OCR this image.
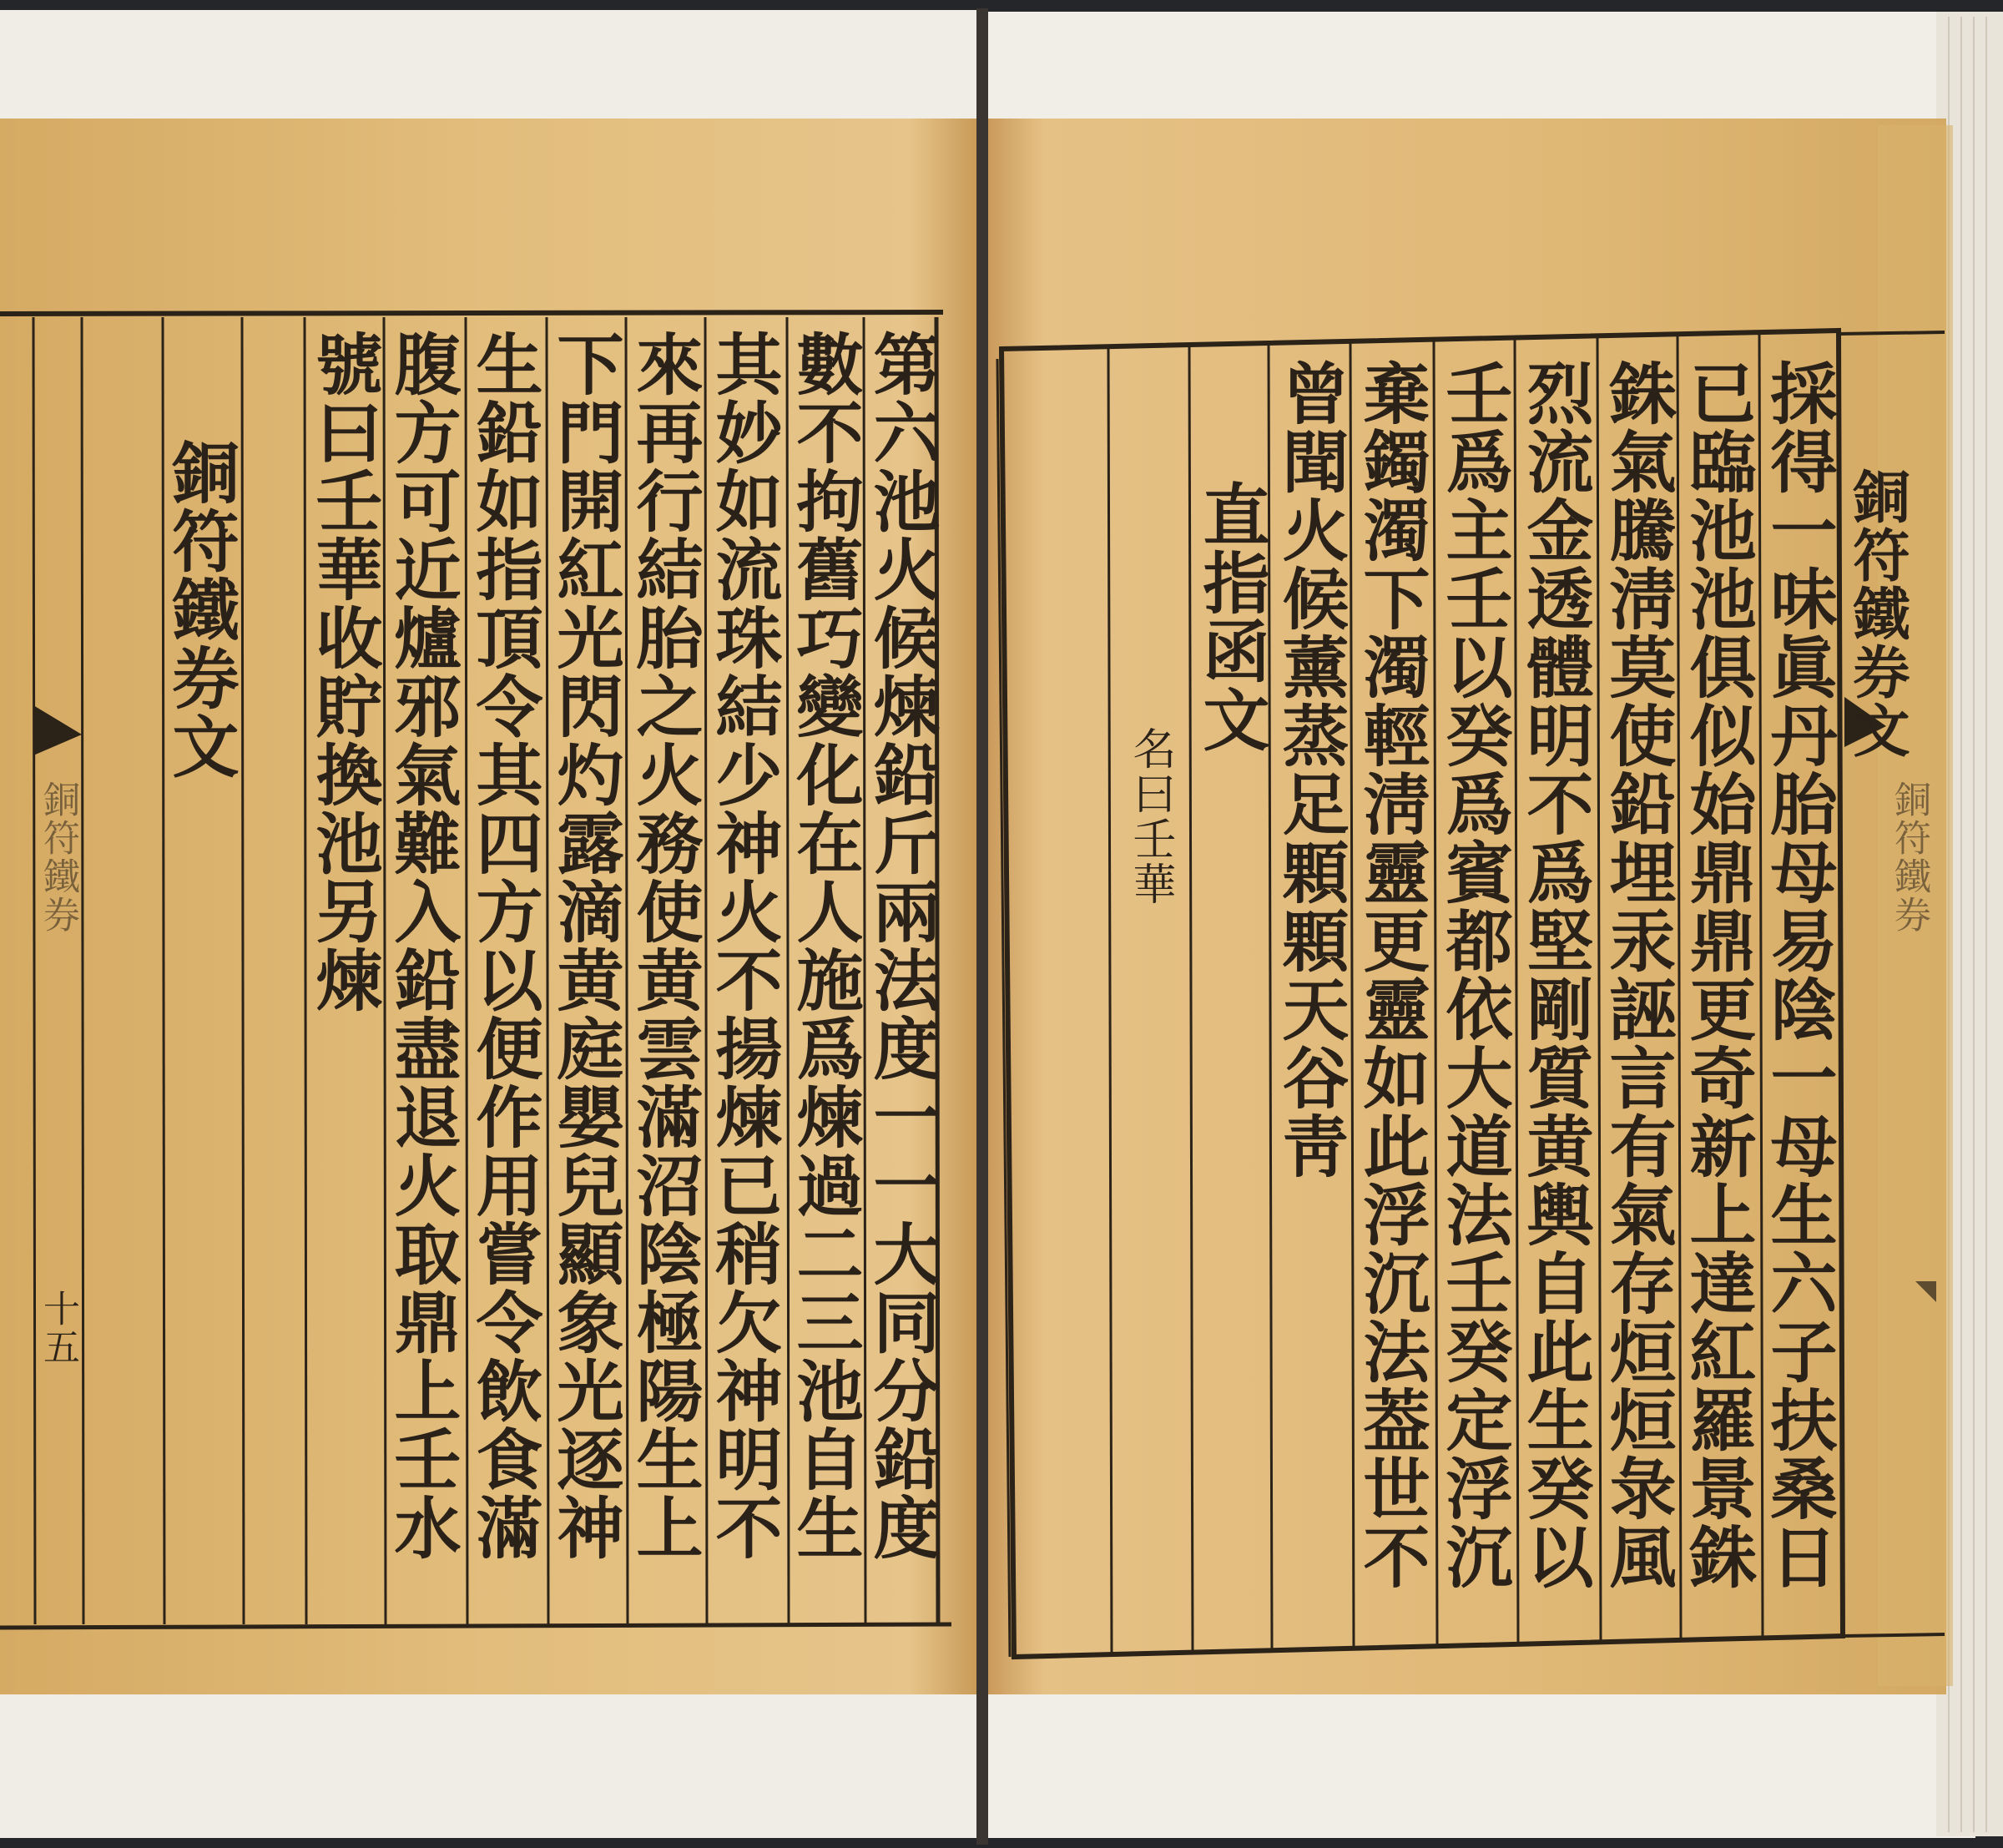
第六池火候煉鉛斤兩法度一一大同分鉛度
數不拘舊巧變化在人施爲煉過二三池自生
其妙如流珠結少神火不揚煉已稍欠神明不
來再行結胎之火務使黄雲滿沼陰極陽生上
下門開紅光閃灼露滴黄庭嬰兒顯象光逐神
生鉛如指頂令其四方以便作用嘗令飲食滿
腹方可近爐邪氣難入鉛盡退火取鼎上壬水
號曰壬華收貯換池另煉
銅符鐵券文
銅符鐵券
十五	採得一味眞丹胎母易陰一母生六子扶桑日
已臨池池俱似始鼎鼎更奇新上達紅羅景銖
銖氣騰淸莫使鉛埋汞誣言有氣存烜烜彔風
烈流金透體明不爲堅剛質黄輿自此生癸以
壬爲主壬以癸爲賓都依大道法壬癸定浮沉
棄鐲濁下濁輕淸靈更靈如此浮沉法葢世不
曾聞火候薰蒸足顆顆天谷靑
直指函文
名曰壬華
銅符鐵券文
銅符鐵券
